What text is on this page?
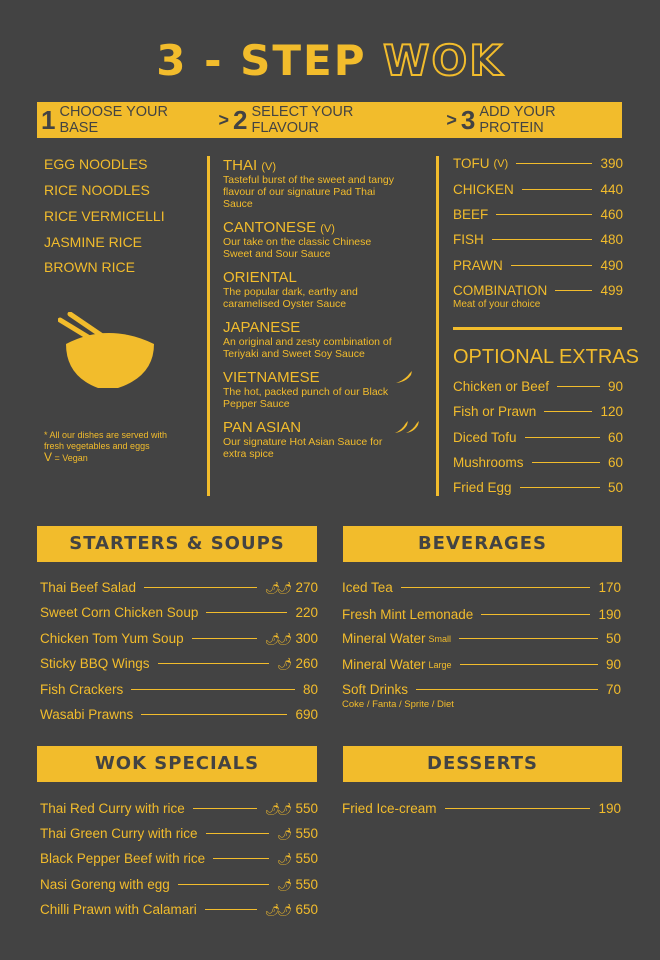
3 - STEP WOK
1 CHOOSE YOUR BASE	> 2 SELECT YOUR FLAVOUR	> 3 ADD YOUR PROTEIN
EGG NOODLES
RICE NOODLES
RICE VERMICELLI
JASMINE RICE
BROWN RICE
* All our dishes are served with fresh vegetables and eggs
V = Vegan
THAI (V)
Tasteful burst of the sweet and tangy flavour of our signature Pad Thai Sauce
CANTONESE (V)
Our take on the classic Chinese Sweet and Sour Sauce
ORIENTAL
The popular dark, earthy and caramelised Oyster Sauce
JAPANESE
An original and zesty combination of Teriyaki and Sweet Soy Sauce
VIETNAMESE
The hot, packed punch of our Black Pepper Sauce
PAN ASIAN
Our signature Hot Asian Sauce for extra spice
TOFU (V)	390
CHICKEN	440
BEEF	460
FISH	480
PRAWN	490
COMBINATION	499
Meat of your choice
OPTIONAL EXTRAS
Chicken or Beef	90
Fish or Prawn	120
Diced Tofu	60
Mushrooms	60
Fried Egg	50
STARTERS & SOUPS	BEVERAGES
WOK SPECIALS	DESSERTS
Thai Beef Salad	🌶🌶 270
Sweet Corn Chicken Soup	220
Chicken Tom Yum Soup	🌶🌶 300
Sticky BBQ Wings	🌶 260
Fish Crackers	80
Wasabi Prawns	690
Iced Tea	170
Fresh Mint Lemonade	190
Mineral Water Small	50
Mineral Water Large	90
Soft Drinks	70
Coke / Fanta / Sprite / Diet
Thai Red Curry with rice	🌶🌶 550
Thai Green Curry with rice	🌶 550
Black Pepper Beef with rice	🌶 550
Nasi Goreng with egg	🌶 550
Chilli Prawn with Calamari	🌶🌶 650
Fried Ice-cream	190
